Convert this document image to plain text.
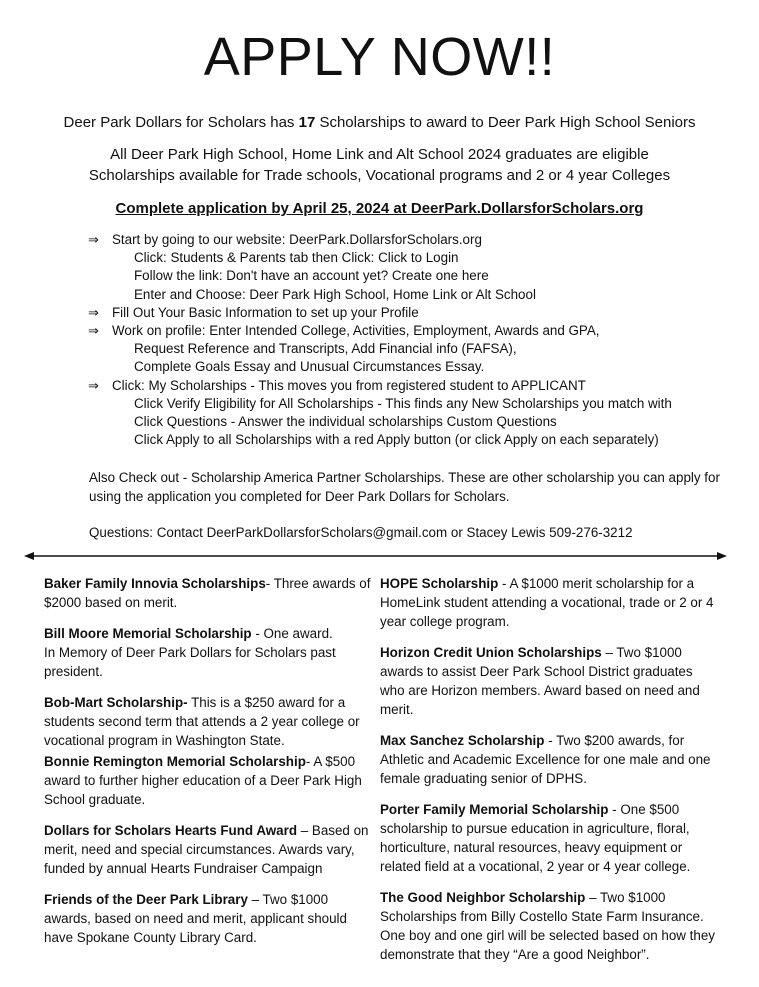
APPLY NOW!!
Deer Park Dollars for Scholars has 17 Scholarships to award to Deer Park High School Seniors
All Deer Park High School, Home Link and Alt School 2024 graduates are eligible
Scholarships available for Trade schools, Vocational programs and 2 or 4 year Colleges
Complete application by April 25, 2024 at DeerPark.DollarsforScholars.org
⇒ Start by going to our website: DeerPark.DollarsforScholars.org
Click: Students & Parents tab then Click: Click to Login
Follow the link: Don't have an account yet? Create one here
Enter and Choose: Deer Park High School, Home Link or Alt School
⇒ Fill Out Your Basic Information to set up your Profile
⇒ Work on profile: Enter Intended College, Activities, Employment, Awards and GPA,
Request Reference and Transcripts, Add Financial info (FAFSA),
Complete Goals Essay and Unusual Circumstances Essay.
⇒ Click: My Scholarships - This moves you from registered student to APPLICANT
Click Verify Eligibility for All Scholarships - This finds any New Scholarships you match with
Click Questions - Answer the individual scholarships Custom Questions
Click Apply to all Scholarships with a red Apply button (or click Apply on each separately)
Also Check out - Scholarship America Partner Scholarships. These are other scholarship you can apply for using the application you completed for Deer Park Dollars for Scholars.
Questions: Contact DeerParkDollarsforScholars@gmail.com or Stacey Lewis 509-276-3212
Baker Family Innovia Scholarships- Three awards of $2000 based on merit.
Bill Moore Memorial Scholarship - One award.
In Memory of Deer Park Dollars for Scholars past president.
Bob-Mart Scholarship- This is a $250 award for a students second term that attends a 2 year college or vocational program in Washington State.
Bonnie Remington Memorial Scholarship- A $500 award to further higher education of a Deer Park High School graduate.
Dollars for Scholars Hearts Fund Award – Based on merit, need and special circumstances. Awards vary, funded by annual Hearts Fundraiser Campaign
Friends of the Deer Park Library – Two $1000 awards, based on need and merit, applicant should have Spokane County Library Card.
HOPE Scholarship - A $1000 merit scholarship for a HomeLink student attending a vocational, trade or 2 or 4 year college program.
Horizon Credit Union Scholarships – Two $1000 awards to assist Deer Park School District graduates who are Horizon members. Award based on need and merit.
Max Sanchez Scholarship - Two $200 awards, for Athletic and Academic Excellence for one male and one female graduating senior of DPHS.
Porter Family Memorial Scholarship - One $500 scholarship to pursue education in agriculture, floral, horticulture, natural resources, heavy equipment or related field at a vocational, 2 year or 4 year college.
The Good Neighbor Scholarship – Two $1000 Scholarships from Billy Costello State Farm Insurance. One boy and one girl will be selected based on how they demonstrate that they “Are a good Neighbor”.
